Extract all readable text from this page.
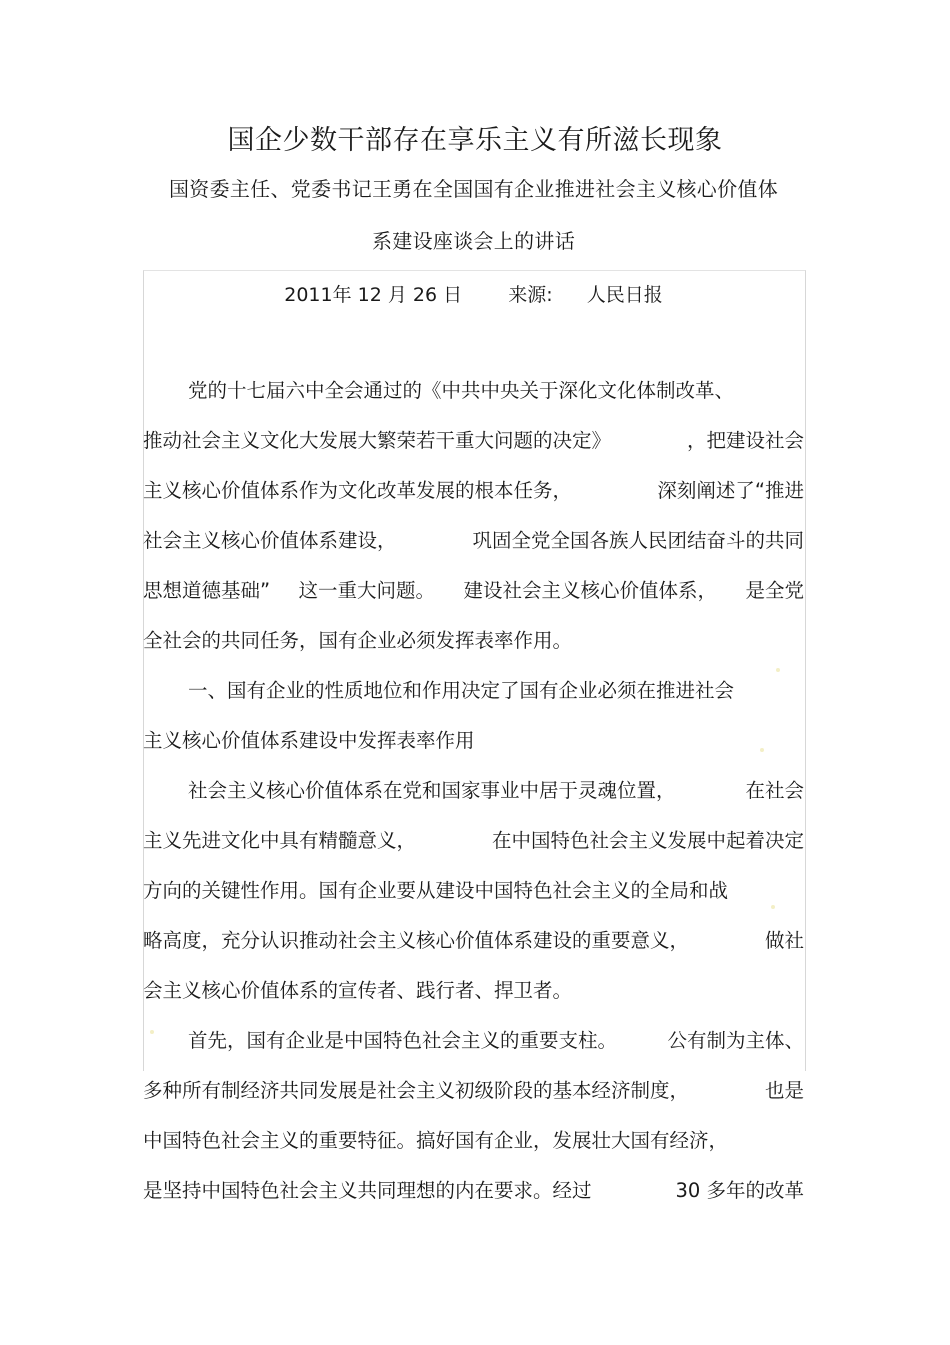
国企少数干部存在享乐主义有所滋长现象
国资委主任、党委书记王勇在全国国有企业推进社会主义核心价值体
系建设座谈会上的讲话
2011年 12 月 26 日 来源: 人民日报
党的十七届六中全会通过的《中共中央关于深化文化体制改革、
推动社会主义文化大发展大繁荣若干重大问题的决定》	，把建设社会
主义核心价值体系作为文化改革发展的根本任务，	深刻阐述了“推进
社会主义核心价值体系建设，	巩固全党全国各族人民团结奋斗的共同
思想道德基础” 这一重大问题。 建设社会主义核心价值体系， 是全党
全社会的共同任务，国有企业必须发挥表率作用。
一、国有企业的性质地位和作用决定了国有企业必须在推进社会
主义核心价值体系建设中发挥表率作用
社会主义核心价值体系在党和国家事业中居于灵魂位置，	在社会
主义先进文化中具有精髓意义，	在中国特色社会主义发展中起着决定
方向的关键性作用。国有企业要从建设中国特色社会主义的全局和战
略高度，充分认识推动社会主义核心价值体系建设的重要意义，	做社
会主义核心价值体系的宣传者、践行者、捍卫者。
首先，国有企业是中国特色社会主义的重要支柱。	公有制为主体、
多种所有制经济共同发展是社会主义初级阶段的基本经济制度，	也是
中国特色社会主义的重要特征。搞好国有企业，发展壮大国有经济，
是坚持中国特色社会主义共同理想的内在要求。经过	30 多年的改革
